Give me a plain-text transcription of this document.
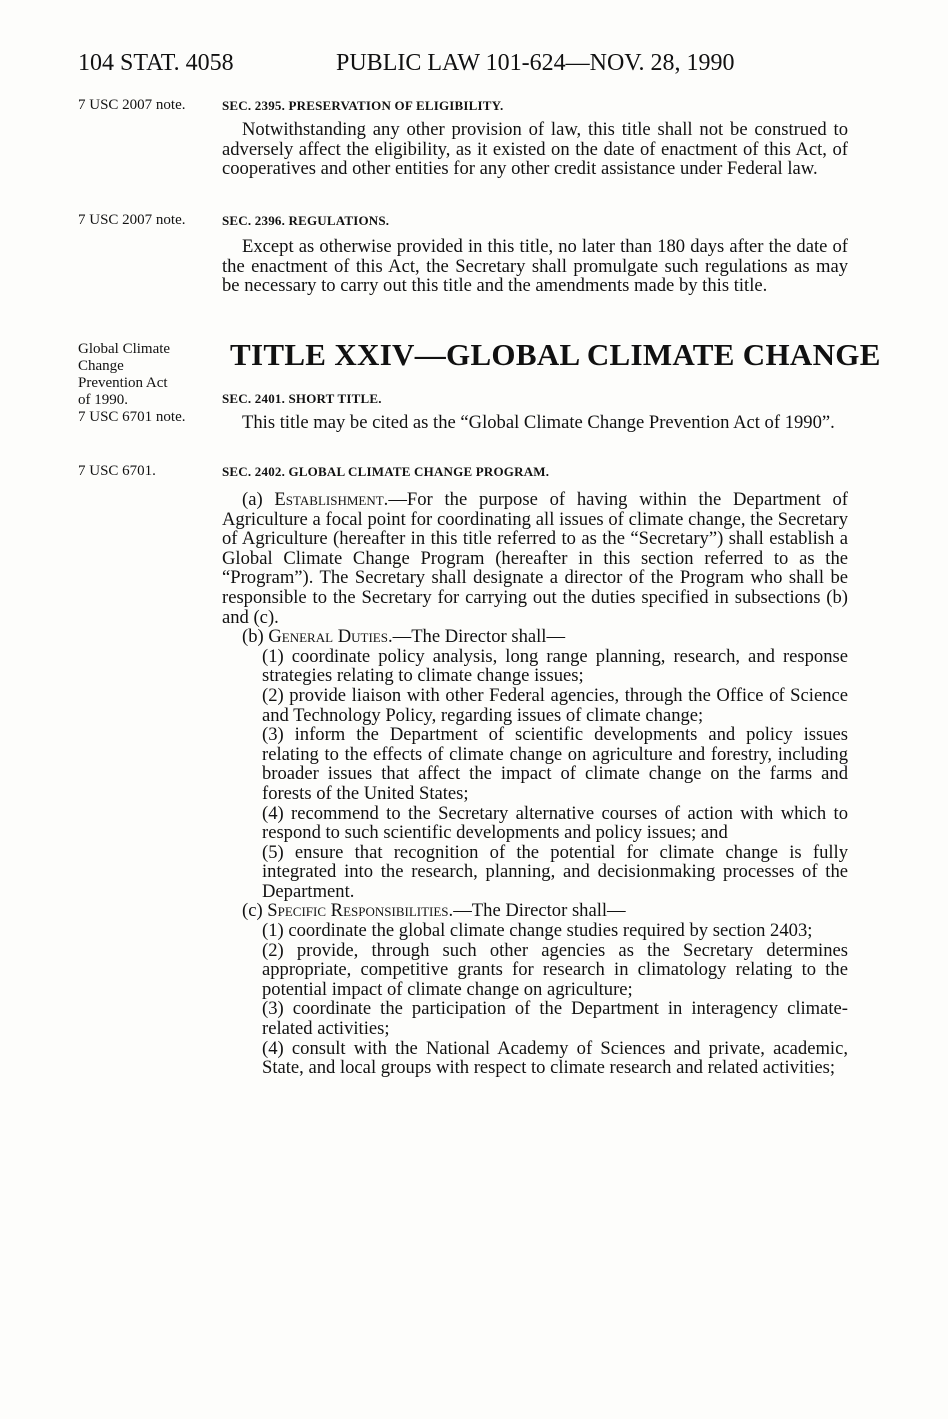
104 STAT. 4058	PUBLIC LAW 101-624—NOV. 28, 1990
7 USC 2007 note.
7 USC 2007 note.
Global Climate
Change
Prevention Act
of 1990.
7 USC 6701 note.
7 USC 6701.
SEC. 2395. PRESERVATION OF ELIGIBILITY.

Notwithstanding any other provision of law, this title shall not be construed to adversely affect the eligibility, as it existed on the date of enactment of this Act, of cooperatives and other entities for any other credit assistance under Federal law.

SEC. 2396. REGULATIONS.

Except as otherwise provided in this title, no later than 180 days after the date of the enactment of this Act, the Secretary shall promulgate such regulations as may be necessary to carry out this title and the amendments made by this title.

TITLE XXIV—GLOBAL CLIMATE CHANGE
SEC. 2401. SHORT TITLE.

This title may be cited as the “Global Climate Change Prevention Act of 1990”.

SEC. 2402. GLOBAL CLIMATE CHANGE PROGRAM.

(a) Establishment.—For the purpose of having within the Department of Agriculture a focal point for coordinating all issues of climate change, the Secretary of Agriculture (hereafter in this title referred to as the “Secretary”) shall establish a Global Climate Change Program (hereafter in this section referred to as the “Program”). The Secretary shall designate a director of the Program who shall be responsible to the Secretary for carrying out the duties specified in subsections (b) and (c).

(b) General Duties.—The Director shall—

(1) coordinate policy analysis, long range planning, research, and response strategies relating to climate change issues;

(2) provide liaison with other Federal agencies, through the Office of Science and Technology Policy, regarding issues of climate change;

(3) inform the Department of scientific developments and policy issues relating to the effects of climate change on agriculture and forestry, including broader issues that affect the impact of climate change on the farms and forests of the United States;

(4) recommend to the Secretary alternative courses of action with which to respond to such scientific developments and policy issues; and

(5) ensure that recognition of the potential for climate change is fully integrated into the research, planning, and decisionmaking processes of the Department.

(c) Specific Responsibilities.—The Director shall—

(1) coordinate the global climate change studies required by section 2403;

(2) provide, through such other agencies as the Secretary determines appropriate, competitive grants for research in climatology relating to the potential impact of climate change on agriculture;

(3) coordinate the participation of the Department in interagency climate-related activities;

(4) consult with the National Academy of Sciences and private, academic, State, and local groups with respect to climate research and related activities;
